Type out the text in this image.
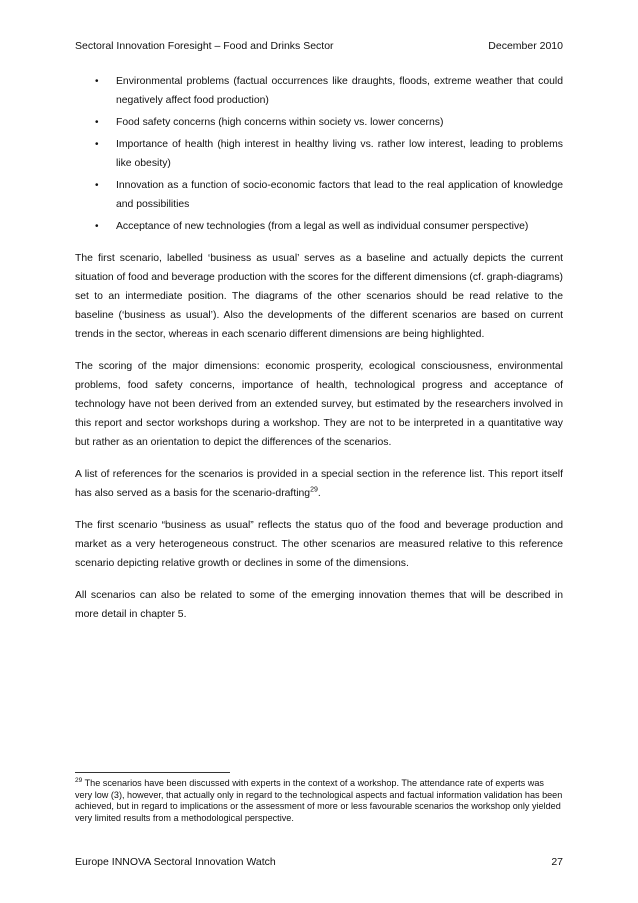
Sectoral Innovation Foresight – Food and Drinks Sector	December 2010
• Environmental problems (factual occurrences like draughts, floods, extreme weather that could negatively affect food production)
• Food safety concerns (high concerns within society vs. lower concerns)
• Importance of health (high interest in healthy living vs. rather low interest, leading to problems like obesity)
• Innovation as a function of socio-economic factors that lead to the real application of knowledge and possibilities
• Acceptance of new technologies (from a legal as well as individual consumer perspective)

The first scenario, labelled ‘business as usual’ serves as a baseline and actually depicts the current situation of food and beverage production with the scores for the different dimensions (cf. graph-diagrams) set to an intermediate position. The diagrams of the other scenarios should be read relative to the baseline (‘business as usual’). Also the developments of the different scenarios are based on current trends in the sector, whereas in each scenario different dimensions are being highlighted.

The scoring of the major dimensions: economic prosperity, ecological consciousness, environmental problems, food safety concerns, importance of health, technological progress and acceptance of technology have not been derived from an extended survey, but estimated by the researchers involved in this report and sector workshops during a workshop. They are not to be interpreted in a quantitative way but rather as an orientation to depict the differences of the scenarios.

A list of references for the scenarios is provided in a special section in the reference list. This report itself has also served as a basis for the scenario-drafting$^{29}$.

The first scenario “business as usual” reflects the status quo of the food and beverage production and market as a very heterogeneous construct. The other scenarios are measured relative to this reference scenario depicting relative growth or declines in some of the dimensions.

All scenarios can also be related to some of the emerging innovation themes that will be described in more detail in chapter 5.

$^{29}$ The scenarios have been discussed with experts in the context of a workshop. The attendance rate of experts was very low (3), however, that actually only in regard to the technological aspects and factual information validation has been achieved, but in regard to implications or the assessment of more or less favourable scenarios the workshop only yielded very limited results from a methodological perspective.
Europe INNOVA Sectoral Innovation Watch	27
